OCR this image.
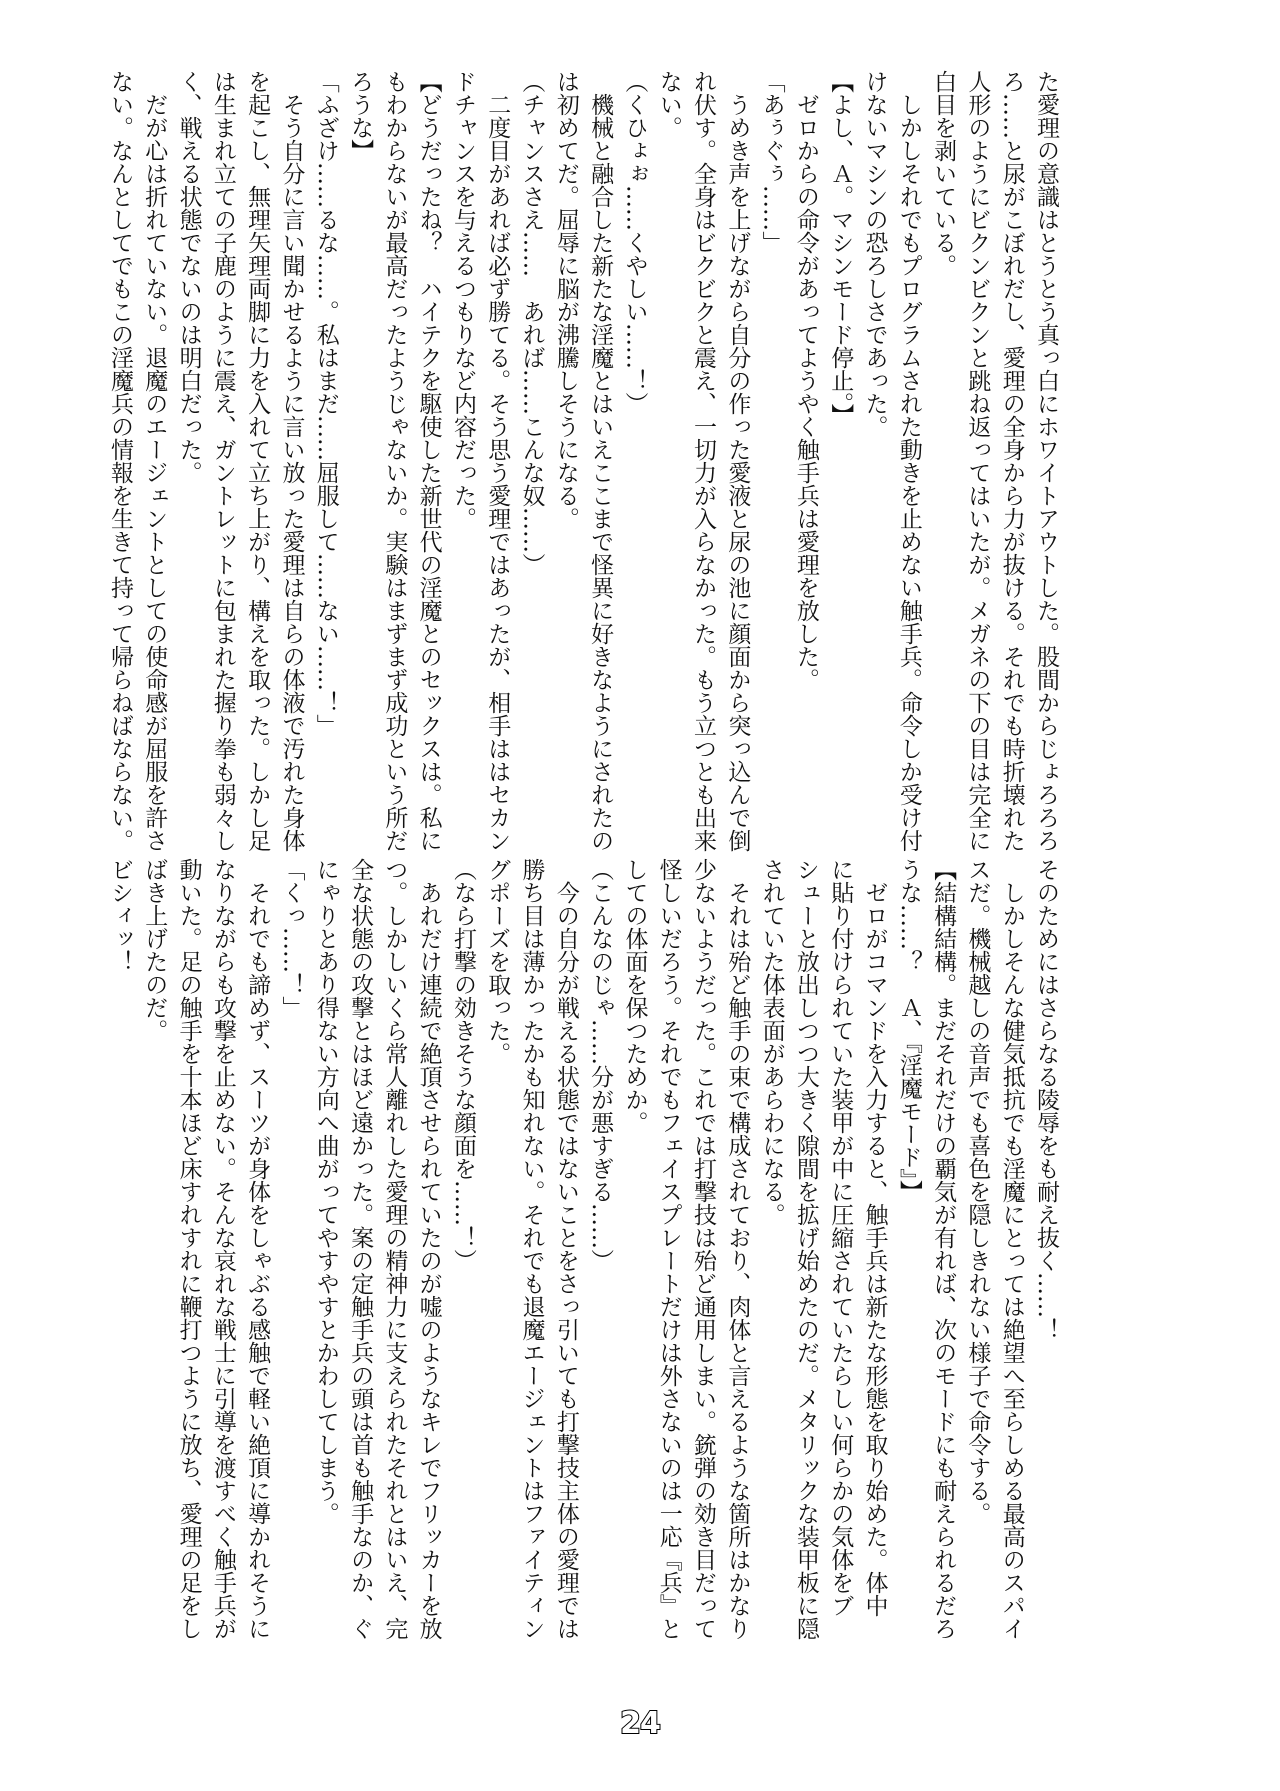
た愛理の意識はとうとう真っ白にホワイトアウトした。股間からじょろろろ
ろ……と尿がこぼれだし、愛理の全身から力が抜ける。それでも時折壊れた
人形のようにビクンビクンと跳ね返ってはいたが。メガネの下の目は完全に
白目を剥いている。
　しかしそれでもプログラムされた動きを止めない触手兵。命令しか受け付
けないマシンの恐ろしさであった。
【よし、Ａ。マシンモード停止。】
　ゼロからの命令があってようやく触手兵は愛理を放した。
「あぅぐぅ……」
　うめき声を上げながら自分の作った愛液と尿の池に顔面から突っ込んで倒
れ伏す。全身はビクビクと震え、一切力が入らなかった。もう立つとも出来
ない。
（くひょぉ……くやしい……！）
　機械と融合した新たな淫魔とはいえここまで怪異に好きなようにされたの
は初めてだ。屈辱に脳が沸騰しそうになる。
（チャンスさえ……　あれば……こんな奴……）
　二度目があれば必ず勝てる。そう思う愛理ではあったが、相手ははセカン
ドチャンスを与えるつもりなど内容だった。
【どうだったね？　ハイテクを駆使した新世代の淫魔とのセックスは。私に
もわからないが最高だったようじゃないか。実験はまずまず成功という所だ
ろうな】
「ふざけ……るな……。私はまだ……屈服して……ない……！」
　そう自分に言い聞かせるように言い放った愛理は自らの体液で汚れた身体
を起こし、無理矢理両脚に力を入れて立ち上がり、構えを取った。しかし足
は生まれ立ての子鹿のように震え、ガントレットに包まれた握り拳も弱々し
く、戦える状態でないのは明白だった。
　だが心は折れていない。退魔のエージェントとしての使命感が屈服を許さ
ない。なんとしてでもこの淫魔兵の情報を生きて持って帰らねばならない。
そのためにはさらなる陵辱をも耐え抜く……！
　しかしそんな健気抵抗でも淫魔にとっては絶望へ至らしめる最高のスパイ
スだ。機械越しの音声でも喜色を隠しきれない様子で命令する。
【結構結構。まだそれだけの覇気が有れば、次のモードにも耐えられるだろ
うな……？　Ａ、『淫魔モード』】
　ゼロがコマンドを入力すると、触手兵は新たな形態を取り始めた。体中
に貼り付けられていた装甲が中に圧縮されていたらしい何らかの気体をブ
シューと放出しつつ大きく隙間を拡げ始めたのだ。メタリックな装甲板に隠
されていた体表面があらわになる。
　それは殆ど触手の束で構成されており、肉体と言えるような箇所はかなり
少ないようだった。これでは打撃技は殆ど通用しまい。銃弾の効き目だって
怪しいだろう。それでもフェイスプレートだけは外さないのは一応『兵』と
しての体面を保つためか。
（こんなのじゃ……分が悪すぎる……）
　今の自分が戦える状態ではないことをさっ引いても打撃技主体の愛理では
勝ち目は薄かったかも知れない。それでも退魔エージェントはファイティン
グポーズを取った。
（なら打撃の効きそうな顔面を……！）
　あれだけ連続で絶頂させられていたのが嘘のようなキレでフリッカーを放
つ。しかしいくら常人離れした愛理の精神力に支えられたそれとはいえ、完
全な状態の攻撃とはほど遠かった。案の定触手兵の頭は首も触手なのか、ぐ
にゃりとあり得ない方向へ曲がってやすやすとかわしてしまう。
「くっ……！」
　それでも諦めず、スーツが身体をしゃぶる感触で軽い絶頂に導かれそうに
なりながらも攻撃を止めない。そんな哀れな戦士に引導を渡すべく触手兵が
動いた。足の触手を十本ほど床すれすれに鞭打つように放ち、愛理の足をし
ばき上げたのだ。
ビシィッ！
24
